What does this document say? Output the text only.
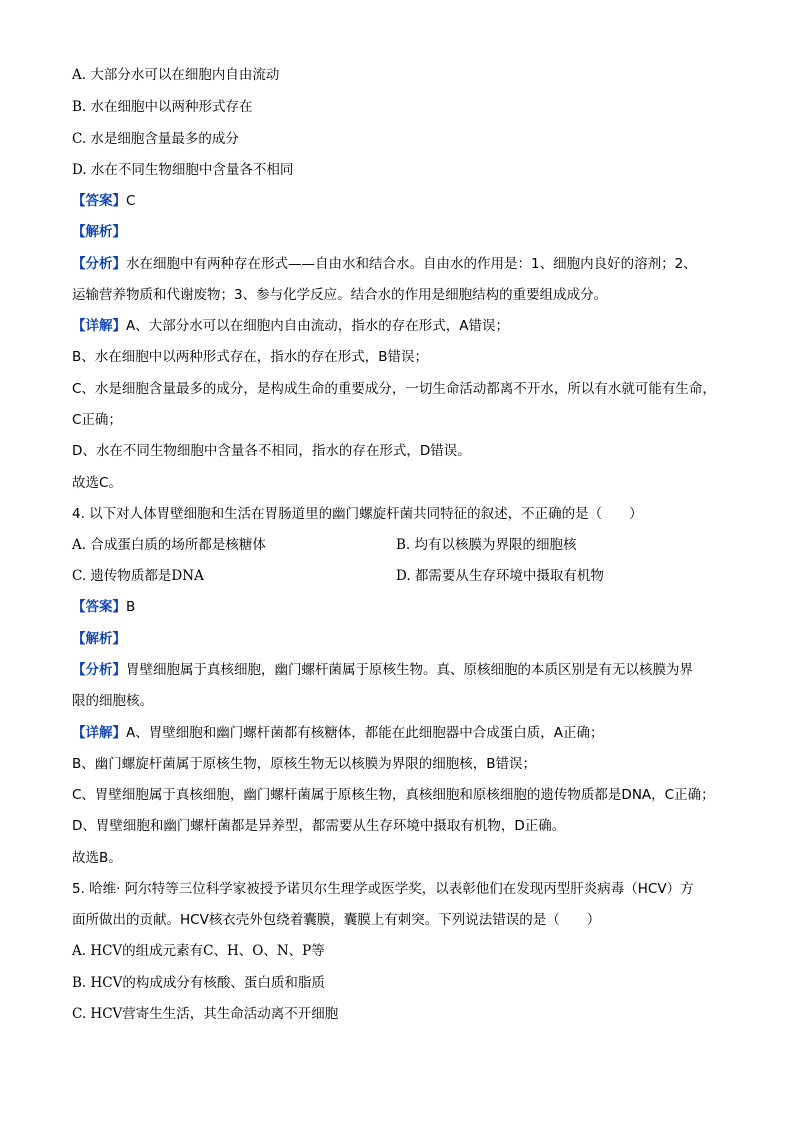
A. 大部分水可以在细胞内自由流动
B. 水在细胞中以两种形式存在
C. 水是细胞含量最多的成分
D. 水在不同生物细胞中含量各不相同
【答案】C
【解析】
【分析】水在细胞中有两种存在形式——自由水和结合水。自由水的作用是：1、细胞内良好的溶剂；2、
运输营养物质和代谢废物；3、参与化学反应。结合水的作用是细胞结构的重要组成成分。
【详解】A、大部分水可以在细胞内自由流动，指水的存在形式，A错误；
B、水在细胞中以两种形式存在，指水的存在形式，B错误；
C、水是细胞含量最多的成分，是构成生命的重要成分，一切生命活动都离不开水，所以有水就可能有生命，
C正确；
D、水在不同生物细胞中含量各不相同，指水的存在形式，D错误。
故选C。
4. 以下对人体胃壁细胞和生活在胃肠道里的幽门螺旋杆菌共同特征的叙述，不正确的是（　　）
A. 合成蛋白质的场所都是核糖体	B. 均有以核膜为界限的细胞核
C. 遗传物质都是DNA	D. 都需要从生存环境中摄取有机物
【答案】B
【解析】
【分析】胃壁细胞属于真核细胞，幽门螺杆菌属于原核生物。真、原核细胞的本质区别是有无以核膜为界
限的细胞核。
【详解】A、胃壁细胞和幽门螺杆菌都有核糖体，都能在此细胞器中合成蛋白质，A正确；
B、幽门螺旋杆菌属于原核生物，原核生物无以核膜为界限的细胞核，B错误；
C、胃壁细胞属于真核细胞，幽门螺杆菌属于原核生物，真核细胞和原核细胞的遗传物质都是DNA，C正确；
D、胃壁细胞和幽门螺杆菌都是异养型，都需要从生存环境中摄取有机物，D正确。
故选B。
5. 哈维· 阿尔特等三位科学家被授予诺贝尔生理学或医学奖，以表彰他们在发现丙型肝炎病毒（HCV）方
面所做出的贡献。HCV核衣壳外包绕着囊膜，囊膜上有刺突。下列说法错误的是（　　）
A. HCV的组成元素有C、H、O、N、P等
B. HCV的构成成分有核酸、蛋白质和脂质
C. HCV营寄生生活，其生命活动离不开细胞
